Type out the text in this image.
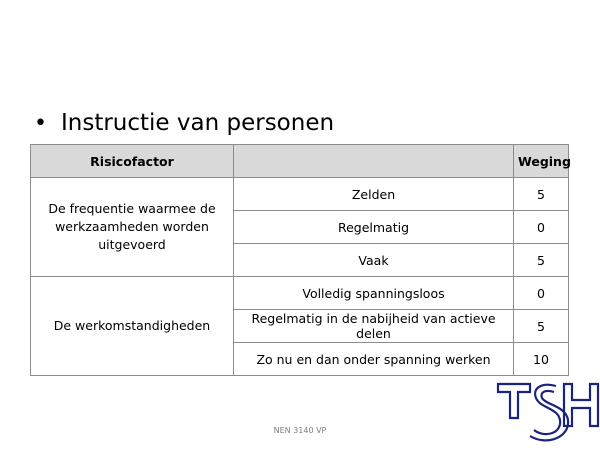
• Instructie van personen
Risicofactor		Weging
De frequentie waarmee de werkzaamheden worden uitgevoerd	Zelden	5
	Regelmatig	0
	Vaak	5
De werkomstandigheden	Volledig spanningsloos	0
	Regelmatig in de nabijheid van actieve delen	5
	Zo nu en dan onder spanning werken	10
NEN 3140 VP
